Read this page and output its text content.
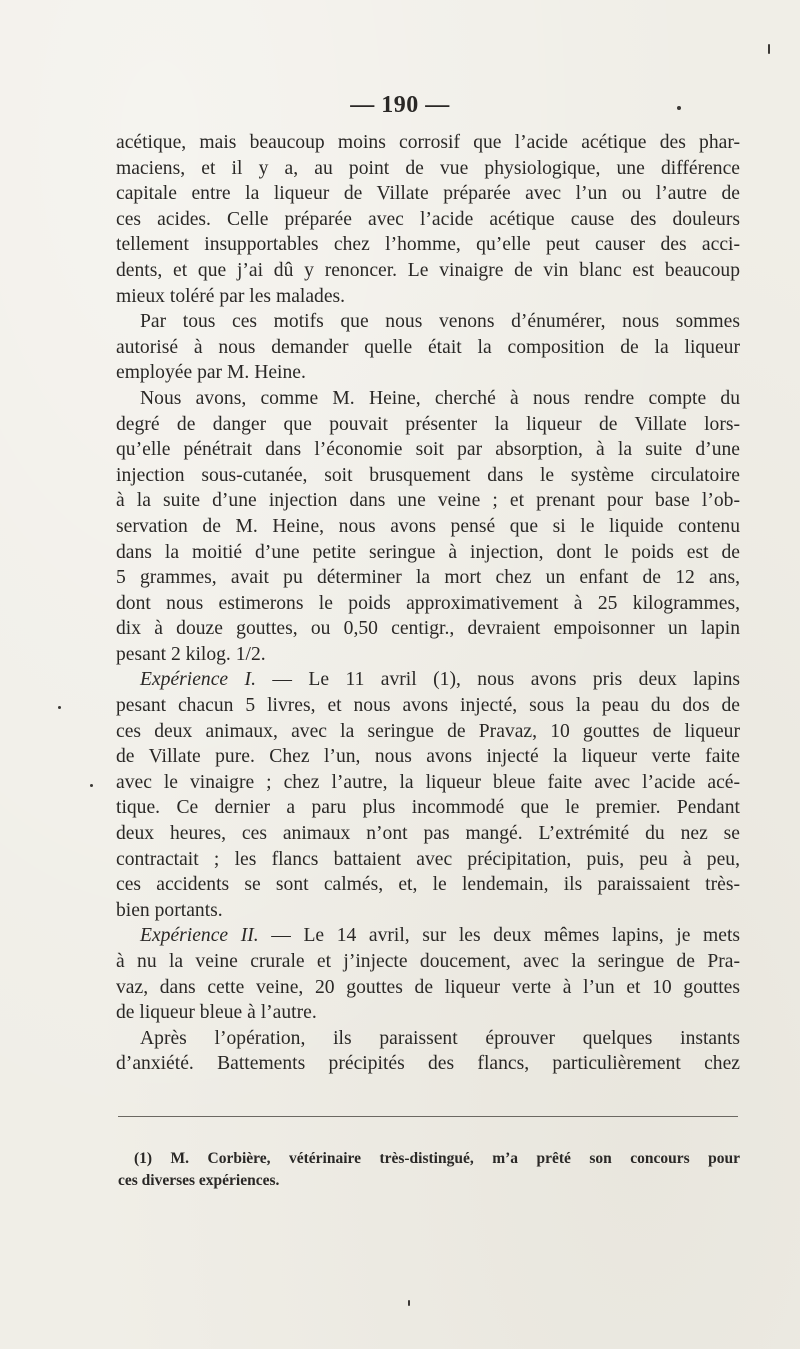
— 190 —
acétique, mais beaucoup moins corrosif que l’acide acétique des phar-
maciens, et il y a, au point de vue physiologique, une différence
capitale entre la liqueur de Villate préparée avec l’un ou l’autre de
ces acides. Celle préparée avec l’acide acétique cause des douleurs
tellement insupportables chez l’homme, qu’elle peut causer des acci-
dents, et que j’ai dû y renoncer. Le vinaigre de vin blanc est beaucoup
mieux toléré par les malades.
Par tous ces motifs que nous venons d’énumérer, nous sommes
autorisé à nous demander quelle était la composition de la liqueur
employée par M. Heine.
Nous avons, comme M. Heine, cherché à nous rendre compte du
degré de danger que pouvait présenter la liqueur de Villate lors-
qu’elle pénétrait dans l’économie soit par absorption, à la suite d’une
injection sous-cutanée, soit brusquement dans le système circulatoire
à la suite d’une injection dans une veine ; et prenant pour base l’ob-
servation de M. Heine, nous avons pensé que si le liquide contenu
dans la moitié d’une petite seringue à injection, dont le poids est de
5 grammes, avait pu déterminer la mort chez un enfant de 12 ans,
dont nous estimerons le poids approximativement à 25 kilogrammes,
dix à douze gouttes, ou 0,50 centigr., devraient empoisonner un lapin
pesant 2 kilog. 1/2.
Expérience I. — Le 11 avril (1), nous avons pris deux lapins
pesant chacun 5 livres, et nous avons injecté, sous la peau du dos de
ces deux animaux, avec la seringue de Pravaz, 10 gouttes de liqueur
de Villate pure. Chez l’un, nous avons injecté la liqueur verte faite
avec le vinaigre ; chez l’autre, la liqueur bleue faite avec l’acide acé-
tique. Ce dernier a paru plus incommodé que le premier. Pendant
deux heures, ces animaux n’ont pas mangé. L’extrémité du nez se
contractait ; les flancs battaient avec précipitation, puis, peu à peu,
ces accidents se sont calmés, et, le lendemain, ils paraissaient très-
bien portants.
Expérience II. — Le 14 avril, sur les deux mêmes lapins, je mets
à nu la veine crurale et j’injecte doucement, avec la seringue de Pra-
vaz, dans cette veine, 20 gouttes de liqueur verte à l’un et 10 gouttes
de liqueur bleue à l’autre.
Après l’opération, ils paraissent éprouver quelques instants
d’anxiété. Battements précipités des flancs, particulièrement chez
(1) M. Corbière, vétérinaire très-distingué, m’a prêté son concours pour
ces diverses expériences.
